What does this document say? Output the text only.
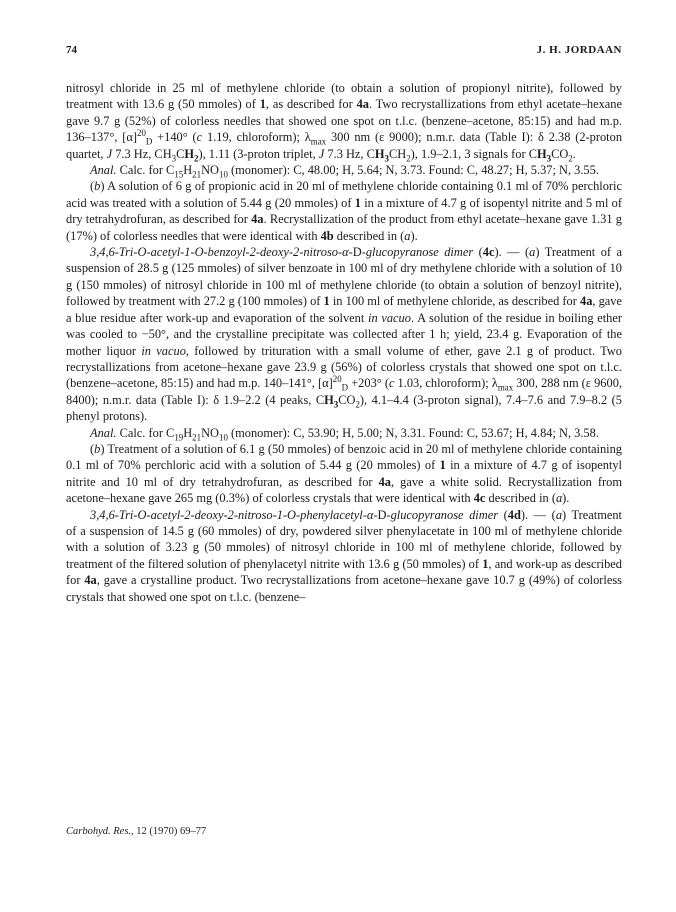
74	J. H. JORDAAN

nitrosyl chloride in 25 ml of methylene chloride (to obtain a solution of propionyl nitrite), followed by treatment with 13.6 g (50 mmoles) of 1, as described for 4a. Two recrystallizations from ethyl acetate–hexane gave 9.7 g (52%) of colorless needles that showed one spot on t.l.c. (benzene–acetone, 85:15) and had m.p. 136–137°, $[\alpha]^{20}_D +140^\circ$ (c 1.19, chloroform); $\lambda_{max}$ 300 nm (ε 9000); n.m.r. data (Table I): δ 2.38 (2-proton quartet, J 7.3 Hz, $CH_3CH_2$), 1.11 (3-proton triplet, J 7.3 Hz, $CH_3CH_2$), 1.9–2.1, 3 signals for $CH_3CO_2$.

Anal. Calc. for $C_{15}H_{21}NO_{10}$ (monomer): C, 48.00; H, 5.64; N, 3.73. Found: C, 48.27; H, 5.37; N, 3.55.

(b) A solution of 6 g of propionic acid in 20 ml of methylene chloride containing 0.1 ml of 70% perchloric acid was treated with a solution of 5.44 g (20 mmoles) of 1 in a mixture of 4.7 g of isopentyl nitrite and 5 ml of dry tetrahydrofuran, as described for 4a. Recrystallization of the product from ethyl acetate–hexane gave 1.31 g (17%) of colorless needles that were identical with 4b described in (a).

3,4,6-Tri-O-acetyl-1-O-benzoyl-2-deoxy-2-nitroso-α-D-glucopyranose dimer (4c). — (a) Treatment of a suspension of 28.5 g (125 mmoles) of silver benzoate in 100 ml of dry methylene chloride with a solution of 10 g (150 mmoles) of nitrosyl chloride in 100 ml of methylene chloride (to obtain a solution of benzoyl nitrite), followed by treatment with 27.2 g (100 mmoles) of 1 in 100 ml of methylene chloride, as described for 4a, gave a blue residue after work-up and evaporation of the solvent in vacuo. A solution of the residue in boiling ether was cooled to −50°, and the crystalline precipitate was collected after 1 h; yield, 23.4 g. Evaporation of the mother liquor in vacuo, followed by trituration with a small volume of ether, gave 2.1 g of product. Two recrystallizations from acetone–hexane gave 23.9 g (56%) of colorless crystals that showed one spot on t.l.c. (benzene–acetone, 85:15) and had m.p. 140–141°, $[\alpha]^{20}_D +203^\circ$ (c 1.03, chloroform); $\lambda_{max}$ 300, 288 nm (ε 9600, 8400); n.m.r. data (Table I): δ 1.9–2.2 (4 peaks, $CH_3CO_2$), 4.1–4.4 (3-proton signal), 7.4–7.6 and 7.9–8.2 (5 phenyl protons).

Anal. Calc. for $C_{19}H_{21}NO_{10}$ (monomer): C, 53.90; H, 5.00; N, 3.31. Found: C, 53.67; H, 4.84; N, 3.58.

(b) Treatment of a solution of 6.1 g (50 mmoles) of benzoic acid in 20 ml of methylene chloride containing 0.1 ml of 70% perchloric acid with a solution of 5.44 g (20 mmoles) of 1 in a mixture of 4.7 g of isopentyl nitrite and 10 ml of dry tetrahydrofuran, as described for 4a, gave a white solid. Recrystallization from acetone–hexane gave 265 mg (0.3%) of colorless crystals that were identical with 4c described in (a).

3,4,6-Tri-O-acetyl-2-deoxy-2-nitroso-1-O-phenylacetyl-α-D-glucopyranose dimer (4d). — (a) Treatment of a suspension of 14.5 g (60 mmoles) of dry, powdered silver phenylacetate in 100 ml of methylene chloride with a solution of 3.23 g (50 mmoles) of nitrosyl chloride in 100 ml of methylene chloride, followed by treatment of the filtered solution of phenylacetyl nitrite with 13.6 g (50 mmoles) of 1, and work-up as described for 4a, gave a crystalline product. Two recrystallizations from acetone–hexane gave 10.7 g (49%) of colorless crystals that showed one spot on t.l.c. (benzene–

Carbohyd. Res., 12 (1970) 69–77
